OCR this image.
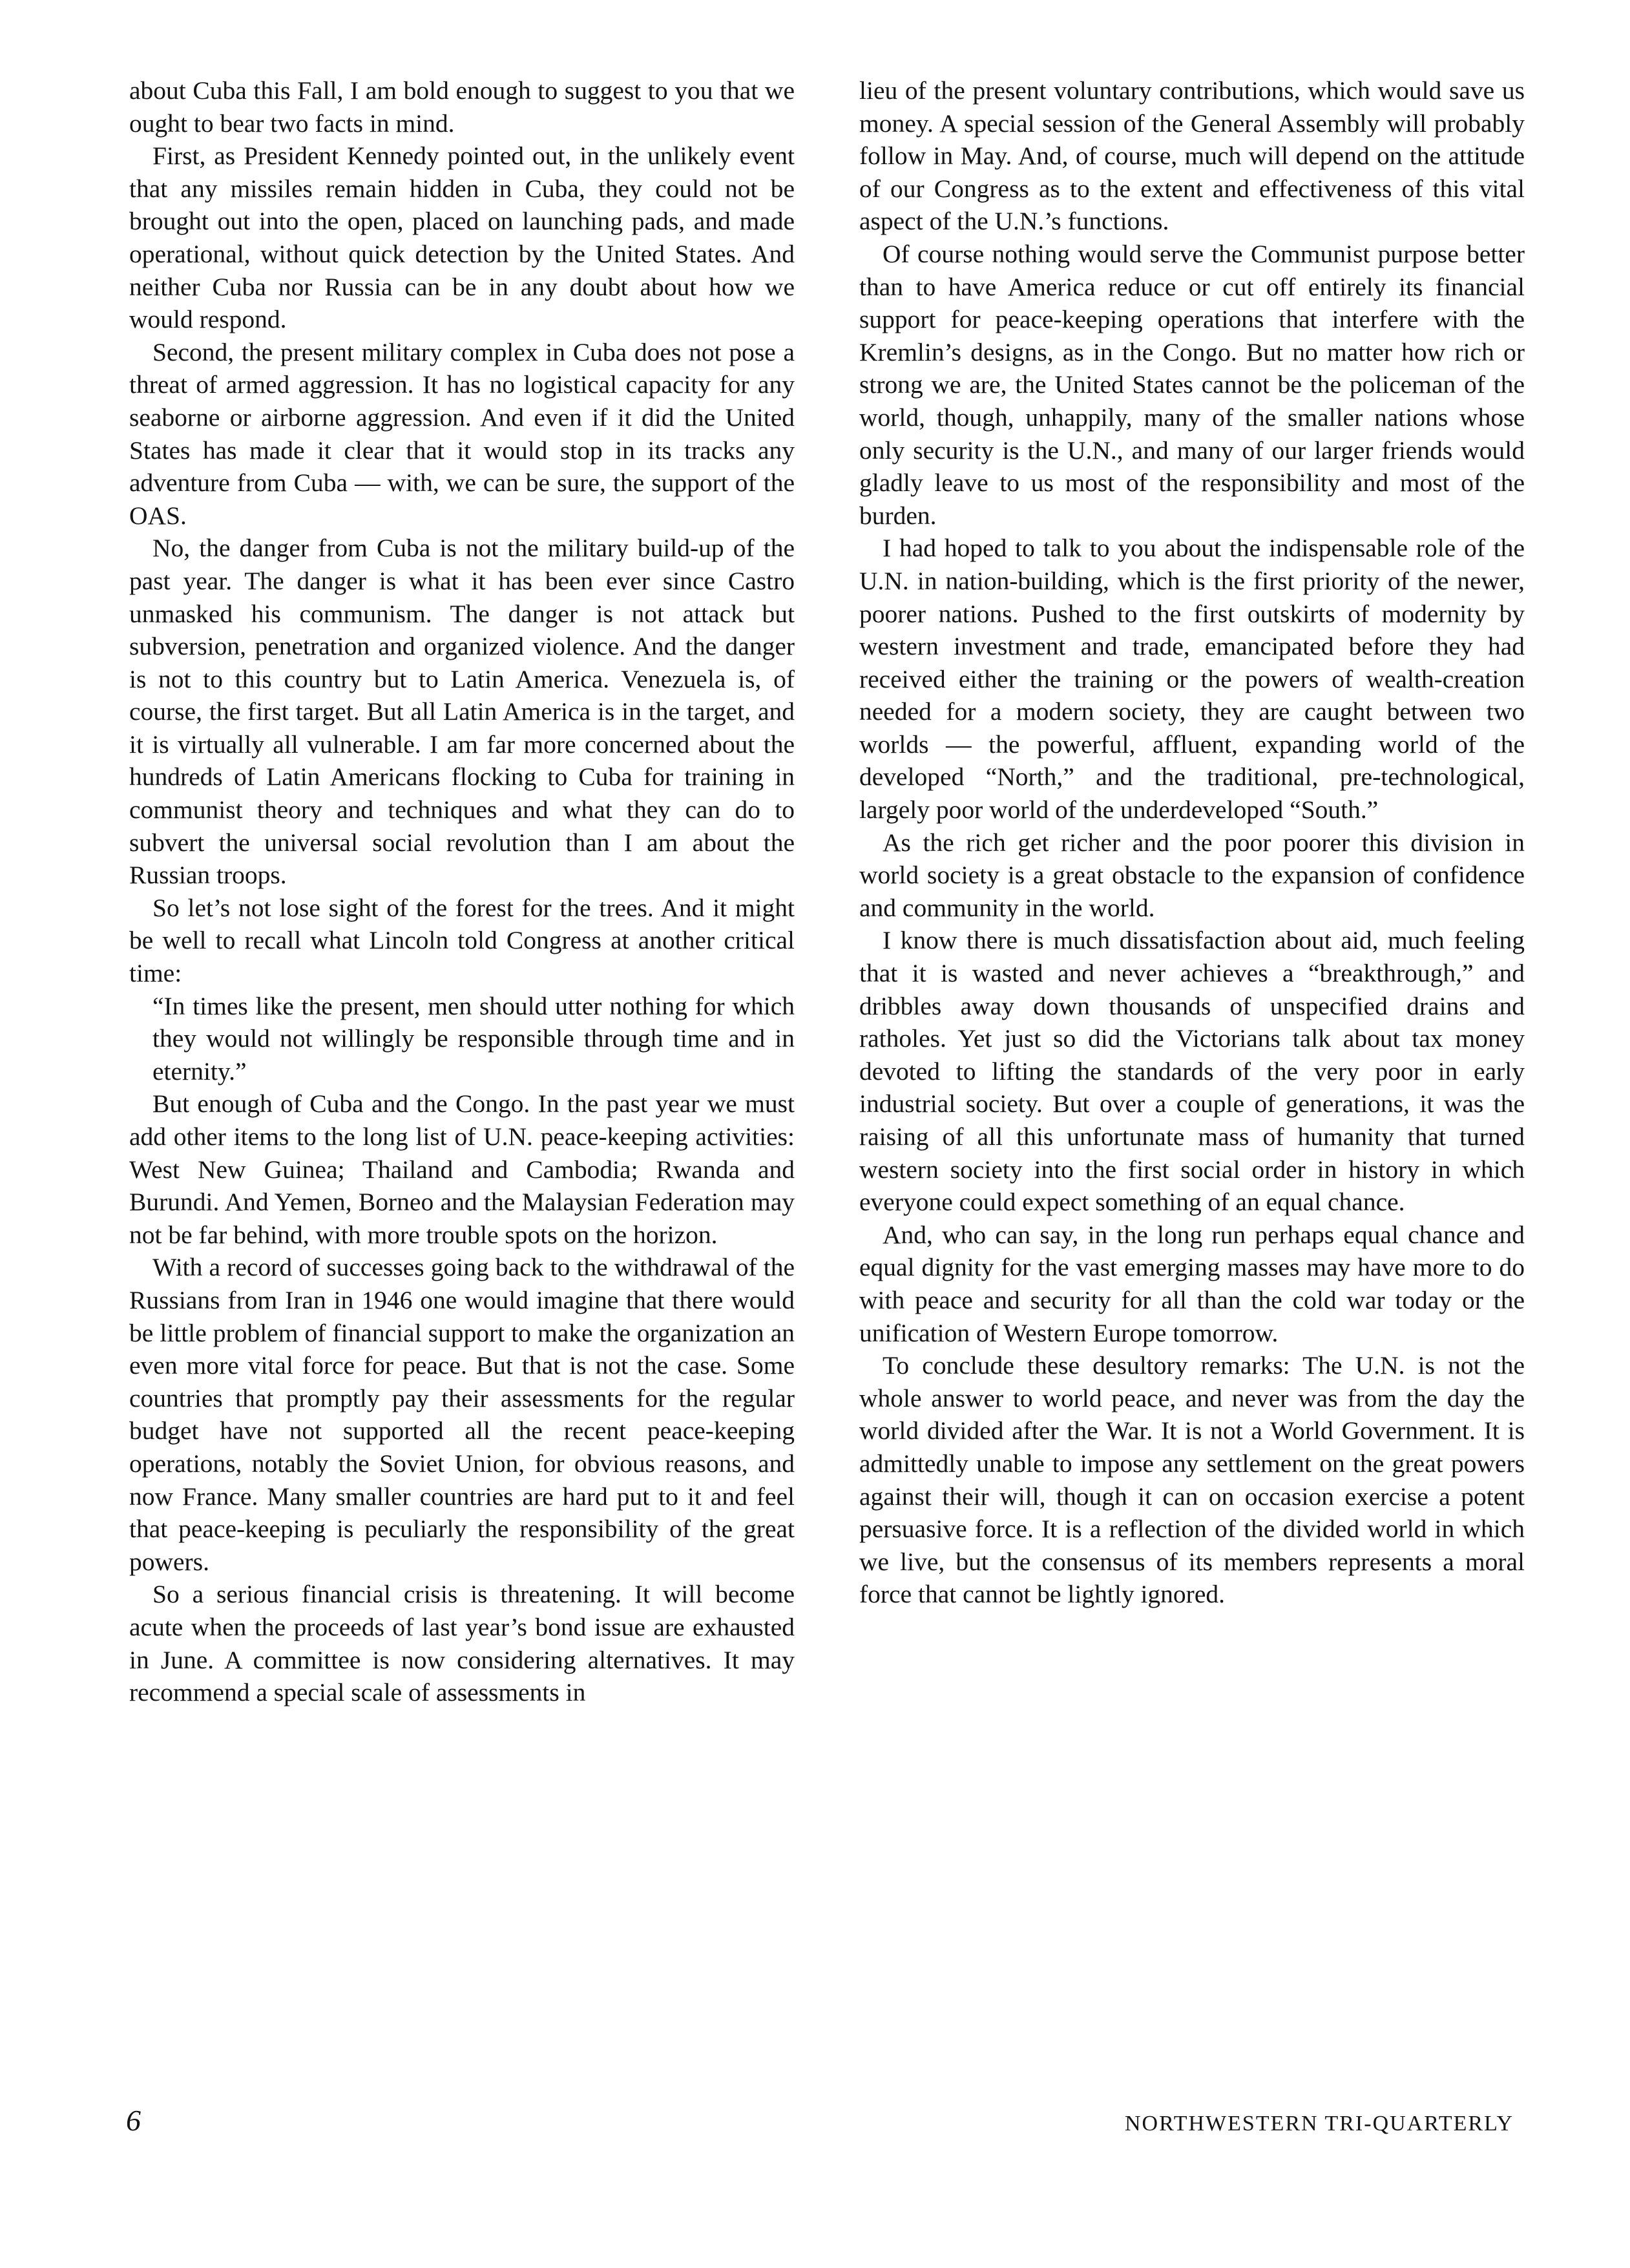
about Cuba this Fall, I am bold enough to suggest to you that we ought to bear two facts in mind.

First, as President Kennedy pointed out, in the unlikely event that any missiles remain hidden in Cuba, they could not be brought out into the open, placed on launching pads, and made operational, without quick detection by the United States. And neither Cuba nor Russia can be in any doubt about how we would respond.

Second, the present military complex in Cuba does not pose a threat of armed aggression. It has no logistical capacity for any seaborne or airborne aggression. And even if it did the United States has made it clear that it would stop in its tracks any adventure from Cuba — with, we can be sure, the support of the OAS.

No, the danger from Cuba is not the military build-up of the past year. The danger is what it has been ever since Castro unmasked his communism. The danger is not attack but subversion, penetration and organized violence. And the danger is not to this country but to Latin America. Venezuela is, of course, the first target. But all Latin America is in the target, and it is virtually all vulnerable. I am far more concerned about the hundreds of Latin Americans flocking to Cuba for training in communist theory and techniques and what they can do to subvert the universal social revolution than I am about the Russian troops.

So let’s not lose sight of the forest for the trees. And it might be well to recall what Lincoln told Congress at another critical time:

“In times like the present, men should utter nothing for which they would not willingly be responsible through time and in eternity.”

But enough of Cuba and the Congo. In the past year we must add other items to the long list of U.N. peace-keeping activities: West New Guinea; Thailand and Cambodia; Rwanda and Burundi. And Yemen, Borneo and the Malaysian Federation may not be far behind, with more trouble spots on the horizon.

With a record of successes going back to the withdrawal of the Russians from Iran in 1946 one would imagine that there would be little problem of financial support to make the organization an even more vital force for peace. But that is not the case. Some countries that promptly pay their assessments for the regular budget have not supported all the recent peace-keeping operations, notably the Soviet Union, for obvious reasons, and now France. Many smaller countries are hard put to it and feel that peace-keeping is peculiarly the responsibility of the great powers.

So a serious financial crisis is threatening. It will become acute when the proceeds of last year’s bond issue are exhausted in June. A committee is now considering alternatives. It may recommend a special scale of assessments in

lieu of the present voluntary contributions, which would save us money. A special session of the General Assembly will probably follow in May. And, of course, much will depend on the attitude of our Congress as to the extent and effectiveness of this vital aspect of the U.N.’s functions.

Of course nothing would serve the Communist purpose better than to have America reduce or cut off entirely its financial support for peace-keeping operations that interfere with the Kremlin’s designs, as in the Congo. But no matter how rich or strong we are, the United States cannot be the policeman of the world, though, unhappily, many of the smaller nations whose only security is the U.N., and many of our larger friends would gladly leave to us most of the responsibility and most of the burden.

I had hoped to talk to you about the indispensable role of the U.N. in nation-building, which is the first priority of the newer, poorer nations. Pushed to the first outskirts of modernity by western investment and trade, emancipated before they had received either the training or the powers of wealth-creation needed for a modern society, they are caught between two worlds — the powerful, affluent, expanding world of the developed “North,” and the traditional, pre-technological, largely poor world of the underdeveloped “South.”

As the rich get richer and the poor poorer this division in world society is a great obstacle to the expansion of confidence and community in the world.

I know there is much dissatisfaction about aid, much feeling that it is wasted and never achieves a “breakthrough,” and dribbles away down thousands of unspecified drains and ratholes. Yet just so did the Victorians talk about tax money devoted to lifting the standards of the very poor in early industrial society. But over a couple of generations, it was the raising of all this unfortunate mass of humanity that turned western society into the first social order in history in which everyone could expect something of an equal chance.

And, who can say, in the long run perhaps equal chance and equal dignity for the vast emerging masses may have more to do with peace and security for all than the cold war today or the unification of Western Europe tomorrow.

To conclude these desultory remarks: The U.N. is not the whole answer to world peace, and never was from the day the world divided after the War. It is not a World Government. It is admittedly unable to impose any settlement on the great powers against their will, though it can on occasion exercise a potent persuasive force. It is a reflection of the divided world in which we live, but the consensus of its members represents a moral force that cannot be lightly ignored.

6	NORTHWESTERN TRI-QUARTERLY
